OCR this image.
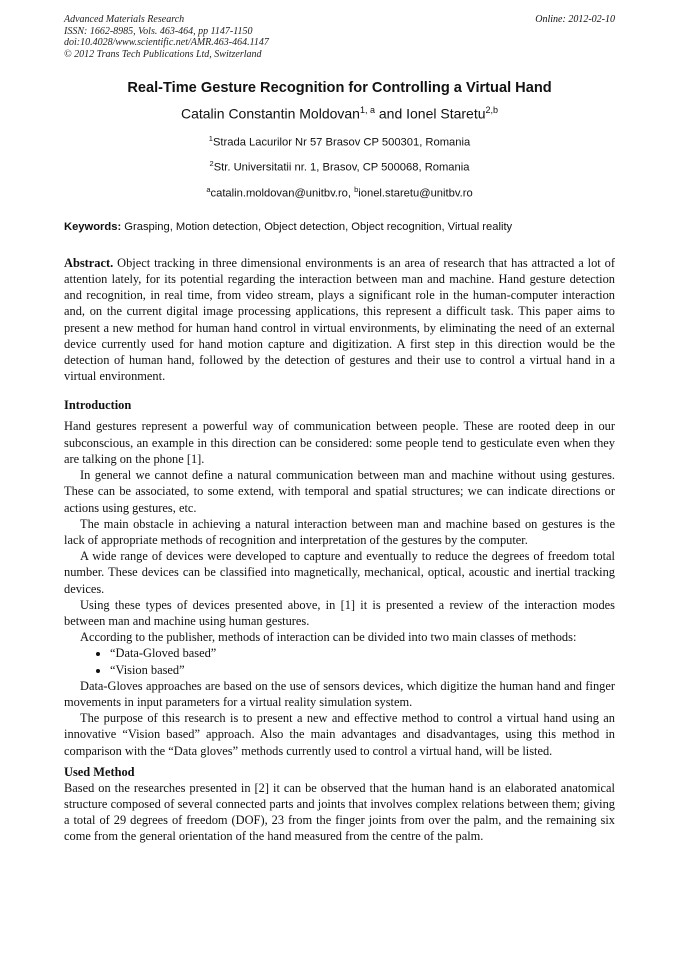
Advanced Materials Research
ISSN: 1662-8985, Vols. 463-464, pp 1147-1150
doi:10.4028/www.scientific.net/AMR.463-464.1147
© 2012 Trans Tech Publications Ltd, Switzerland
Online: 2012-02-10
Real-Time Gesture Recognition for Controlling a Virtual Hand
Catalin Constantin Moldovan$^{1, a}$ and Ionel Staretu$^{2,b}$
$^1$Strada Lacurilor Nr 57 Brasov CP 500301, Romania
$^2$Str. Universitatii nr. 1, Brasov, CP 500068, Romania
$^a$catalin.moldovan@unitbv.ro, $^b$ionel.staretu@unitbv.ro
Keywords: Grasping, Motion detection, Object detection, Object recognition, Virtual reality

Abstract. Object tracking in three dimensional environments is an area of research that has attracted a lot of attention lately, for its potential regarding the interaction between man and machine. Hand gesture detection and recognition, in real time, from video stream, plays a significant role in the human-computer interaction and, on the current digital image processing applications, this represent a difficult task. This paper aims to present a new method for human hand control in virtual environments, by eliminating the need of an external device currently used for hand motion capture and digitization. A first step in this direction would be the detection of human hand, followed by the detection of gestures and their use to control a virtual hand in a virtual environment.

Introduction

Hand gestures represent a powerful way of communication between people. These are rooted deep in our subconscious, an example in this direction can be considered: some people tend to gesticulate even when they are talking on the phone [1].

In general we cannot define a natural communication between man and machine without using gestures. These can be associated, to some extend, with temporal and spatial structures; we can indicate directions or actions using gestures, etc.

The main obstacle in achieving a natural interaction between man and machine based on gestures is the lack of appropriate methods of recognition and interpretation of the gestures by the computer.

A wide range of devices were developed to capture and eventually to reduce the degrees of freedom total number. These devices can be classified into magnetically, mechanical, optical, acoustic and inertial tracking devices.

Using these types of devices presented above, in [1] it is presented a review of the interaction modes between man and machine using human gestures.

According to the publisher, methods of interaction can be divided into two main classes of methods:

• “Data-Gloved based”
• “Vision based”

Data-Gloves approaches are based on the use of sensors devices, which digitize the human hand and finger movements in input parameters for a virtual reality simulation system.

The purpose of this research is to present a new and effective method to control a virtual hand using an innovative “Vision based” approach. Also the main advantages and disadvantages, using this method in comparison with the “Data gloves” methods currently used to control a virtual hand, will be listed.

Used Method

Based on the researches presented in [2] it can be observed that the human hand is an elaborated anatomical structure composed of several connected parts and joints that involves complex relations between them; giving a total of 29 degrees of freedom (DOF), 23 from the finger joints from over the palm, and the remaining six come from the general orientation of the hand measured from the centre of the palm.
